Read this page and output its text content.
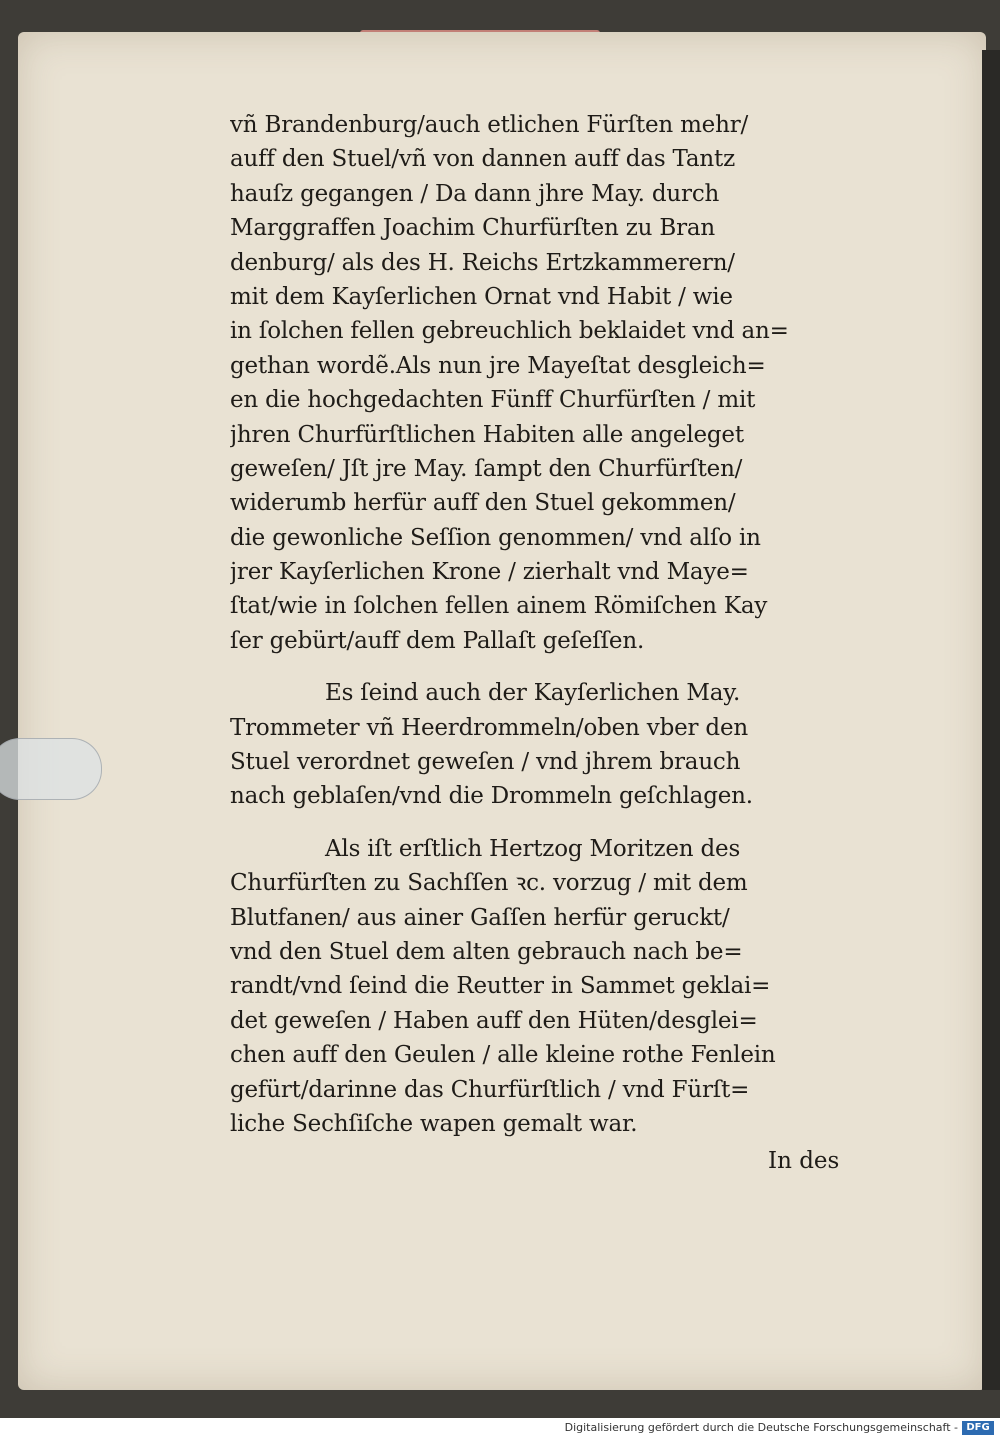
vñ Brandenburg/auch etlichen Fürſten mehr/
auff den Stuel/vñ von dannen auff das Tantz
hauſz gegangen / Da dann jhre May. durch
Marggraffen Joachim Churfürſten zu Bran
denburg/ als des H. Reichs Ertzkammerern/
mit dem Kayſerlichen Ornat vnd Habit / wie
in ſolchen fellen gebreuchlich beklaidet vnd an=
gethan wordẽ.Als nun jre Mayeſtat desgleich=
en die hochgedachten Fünff Churfürſten / mit
jhren Churfürſtlichen Habiten alle angeleget
geweſen/ Jſt jre May. ſampt den Churfürſten/
widerumb herfür auff den Stuel gekommen/
die gewonliche Seſſion genommen/ vnd alſo in
jrer Kayſerlichen Krone / zierhalt vnd Maye=
ſtat/wie in ſolchen fellen ainem Römiſchen Kay
ſer gebürt/auff dem Pallaſt geſeſſen.
Es ſeind auch der Kayſerlichen May.
Trommeter vñ Heerdrommeln/oben vber den
Stuel verordnet geweſen / vnd jhrem brauch
nach geblaſen/vnd die Drommeln geſchlagen.
Als iſt erſtlich Hertzog Moritzen des
Churfürſten zu Sachſſen ꝛc. vorzug / mit dem
Blutfanen/ aus ainer Gaſſen herfür geruckt/
vnd den Stuel dem alten gebrauch nach be=
randt/vnd ſeind die Reutter in Sammet geklai=
det geweſen / Haben auff den Hüten/desglei=
chen auff den Geulen / alle kleine rothe Fenlein
gefürt/darinne das Churfürſtlich / vnd Fürſt=
liche Sechſiſche wapen gemalt war.
In des
Digitalisierung gefördert durch die Deutsche Forschungsgemeinschaft - DFG
